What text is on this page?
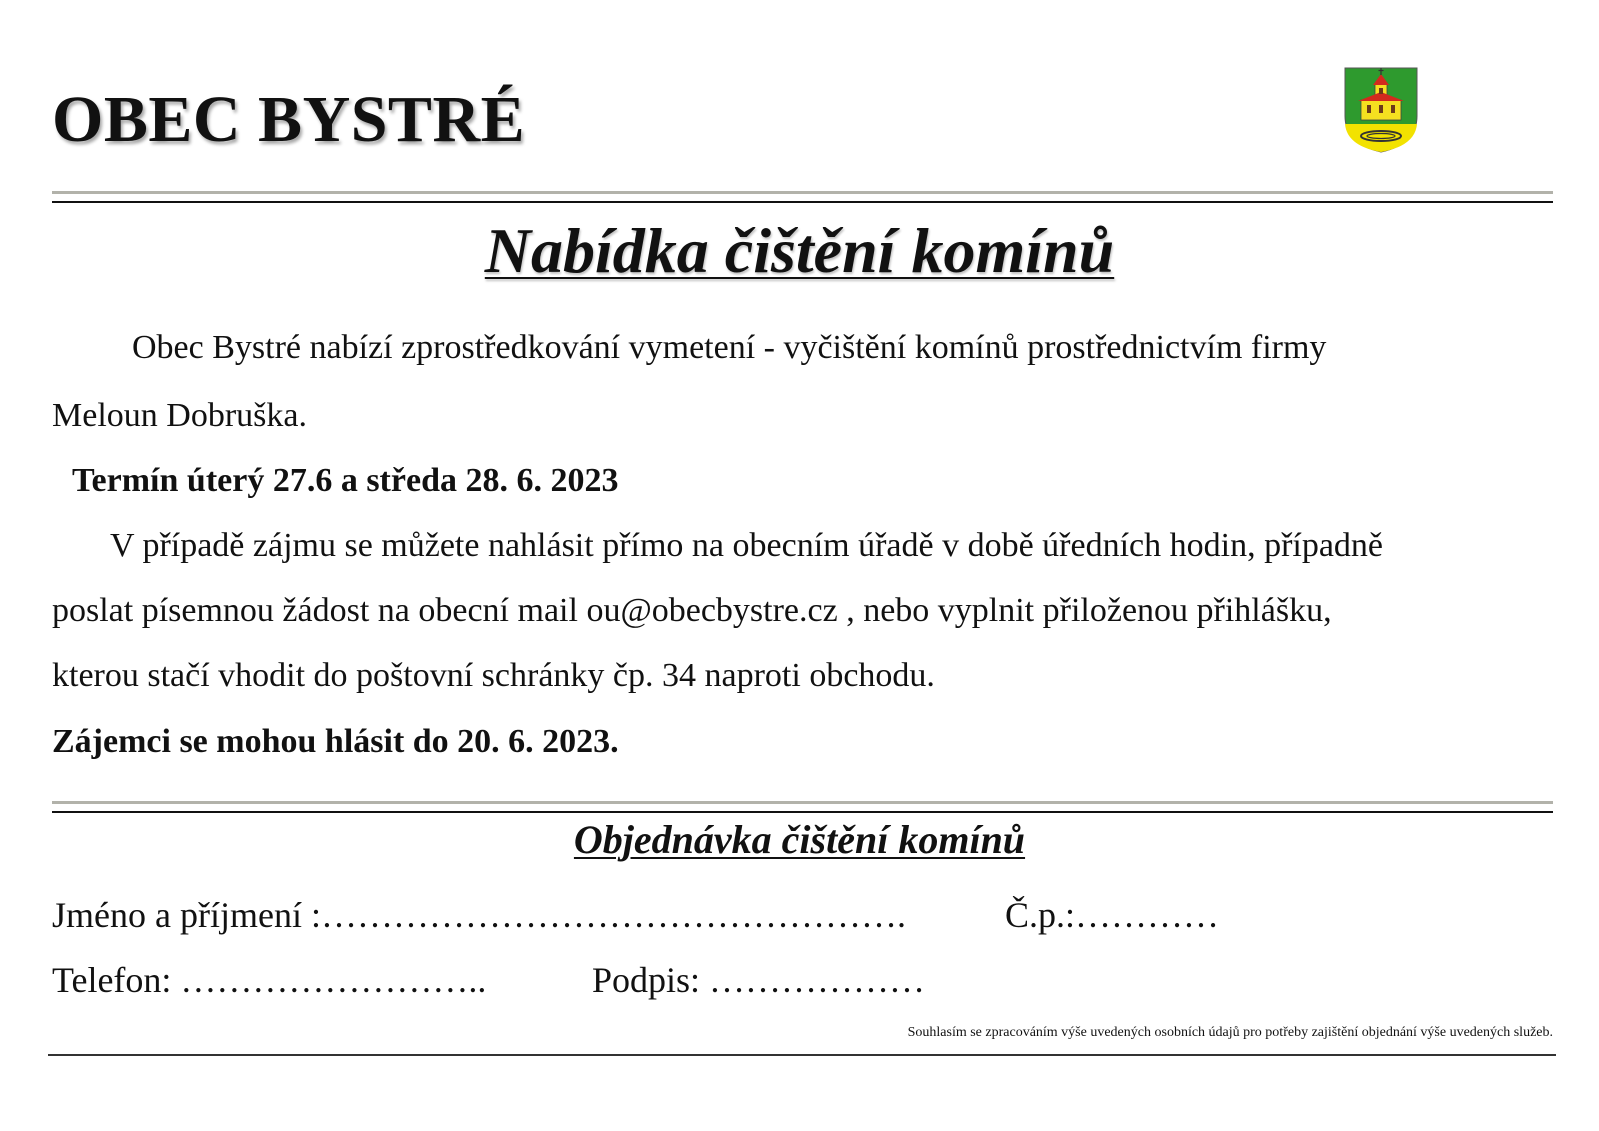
OBEC BYSTRÉ
Nabídka čištění komínů
Obec Bystré nabízí zprostředkování vymetení - vyčištění komínů prostřednictvím firmy
Meloun Dobruška.
Termín úterý 27.6 a středa 28. 6. 2023
V případě zájmu se můžete nahlásit přímo na obecním úřadě v době úředních hodin, případně
poslat písemnou žádost na obecní mail ou@obecbystre.cz , nebo vyplnit přiloženou přihlášku,
kterou stačí vhodit do poštovní schránky čp. 34 naproti obchodu.
Zájemci se mohou hlásit do 20. 6. 2023.
Objednávka čištění komínů
Jméno a příjmení :………………………………………….	Č.p.:…………
Telefon: ……………………..	Podpis: ………………
Souhlasím se zpracováním výše uvedených osobních údajů pro potřeby zajištění objednání výše uvedených služeb.
